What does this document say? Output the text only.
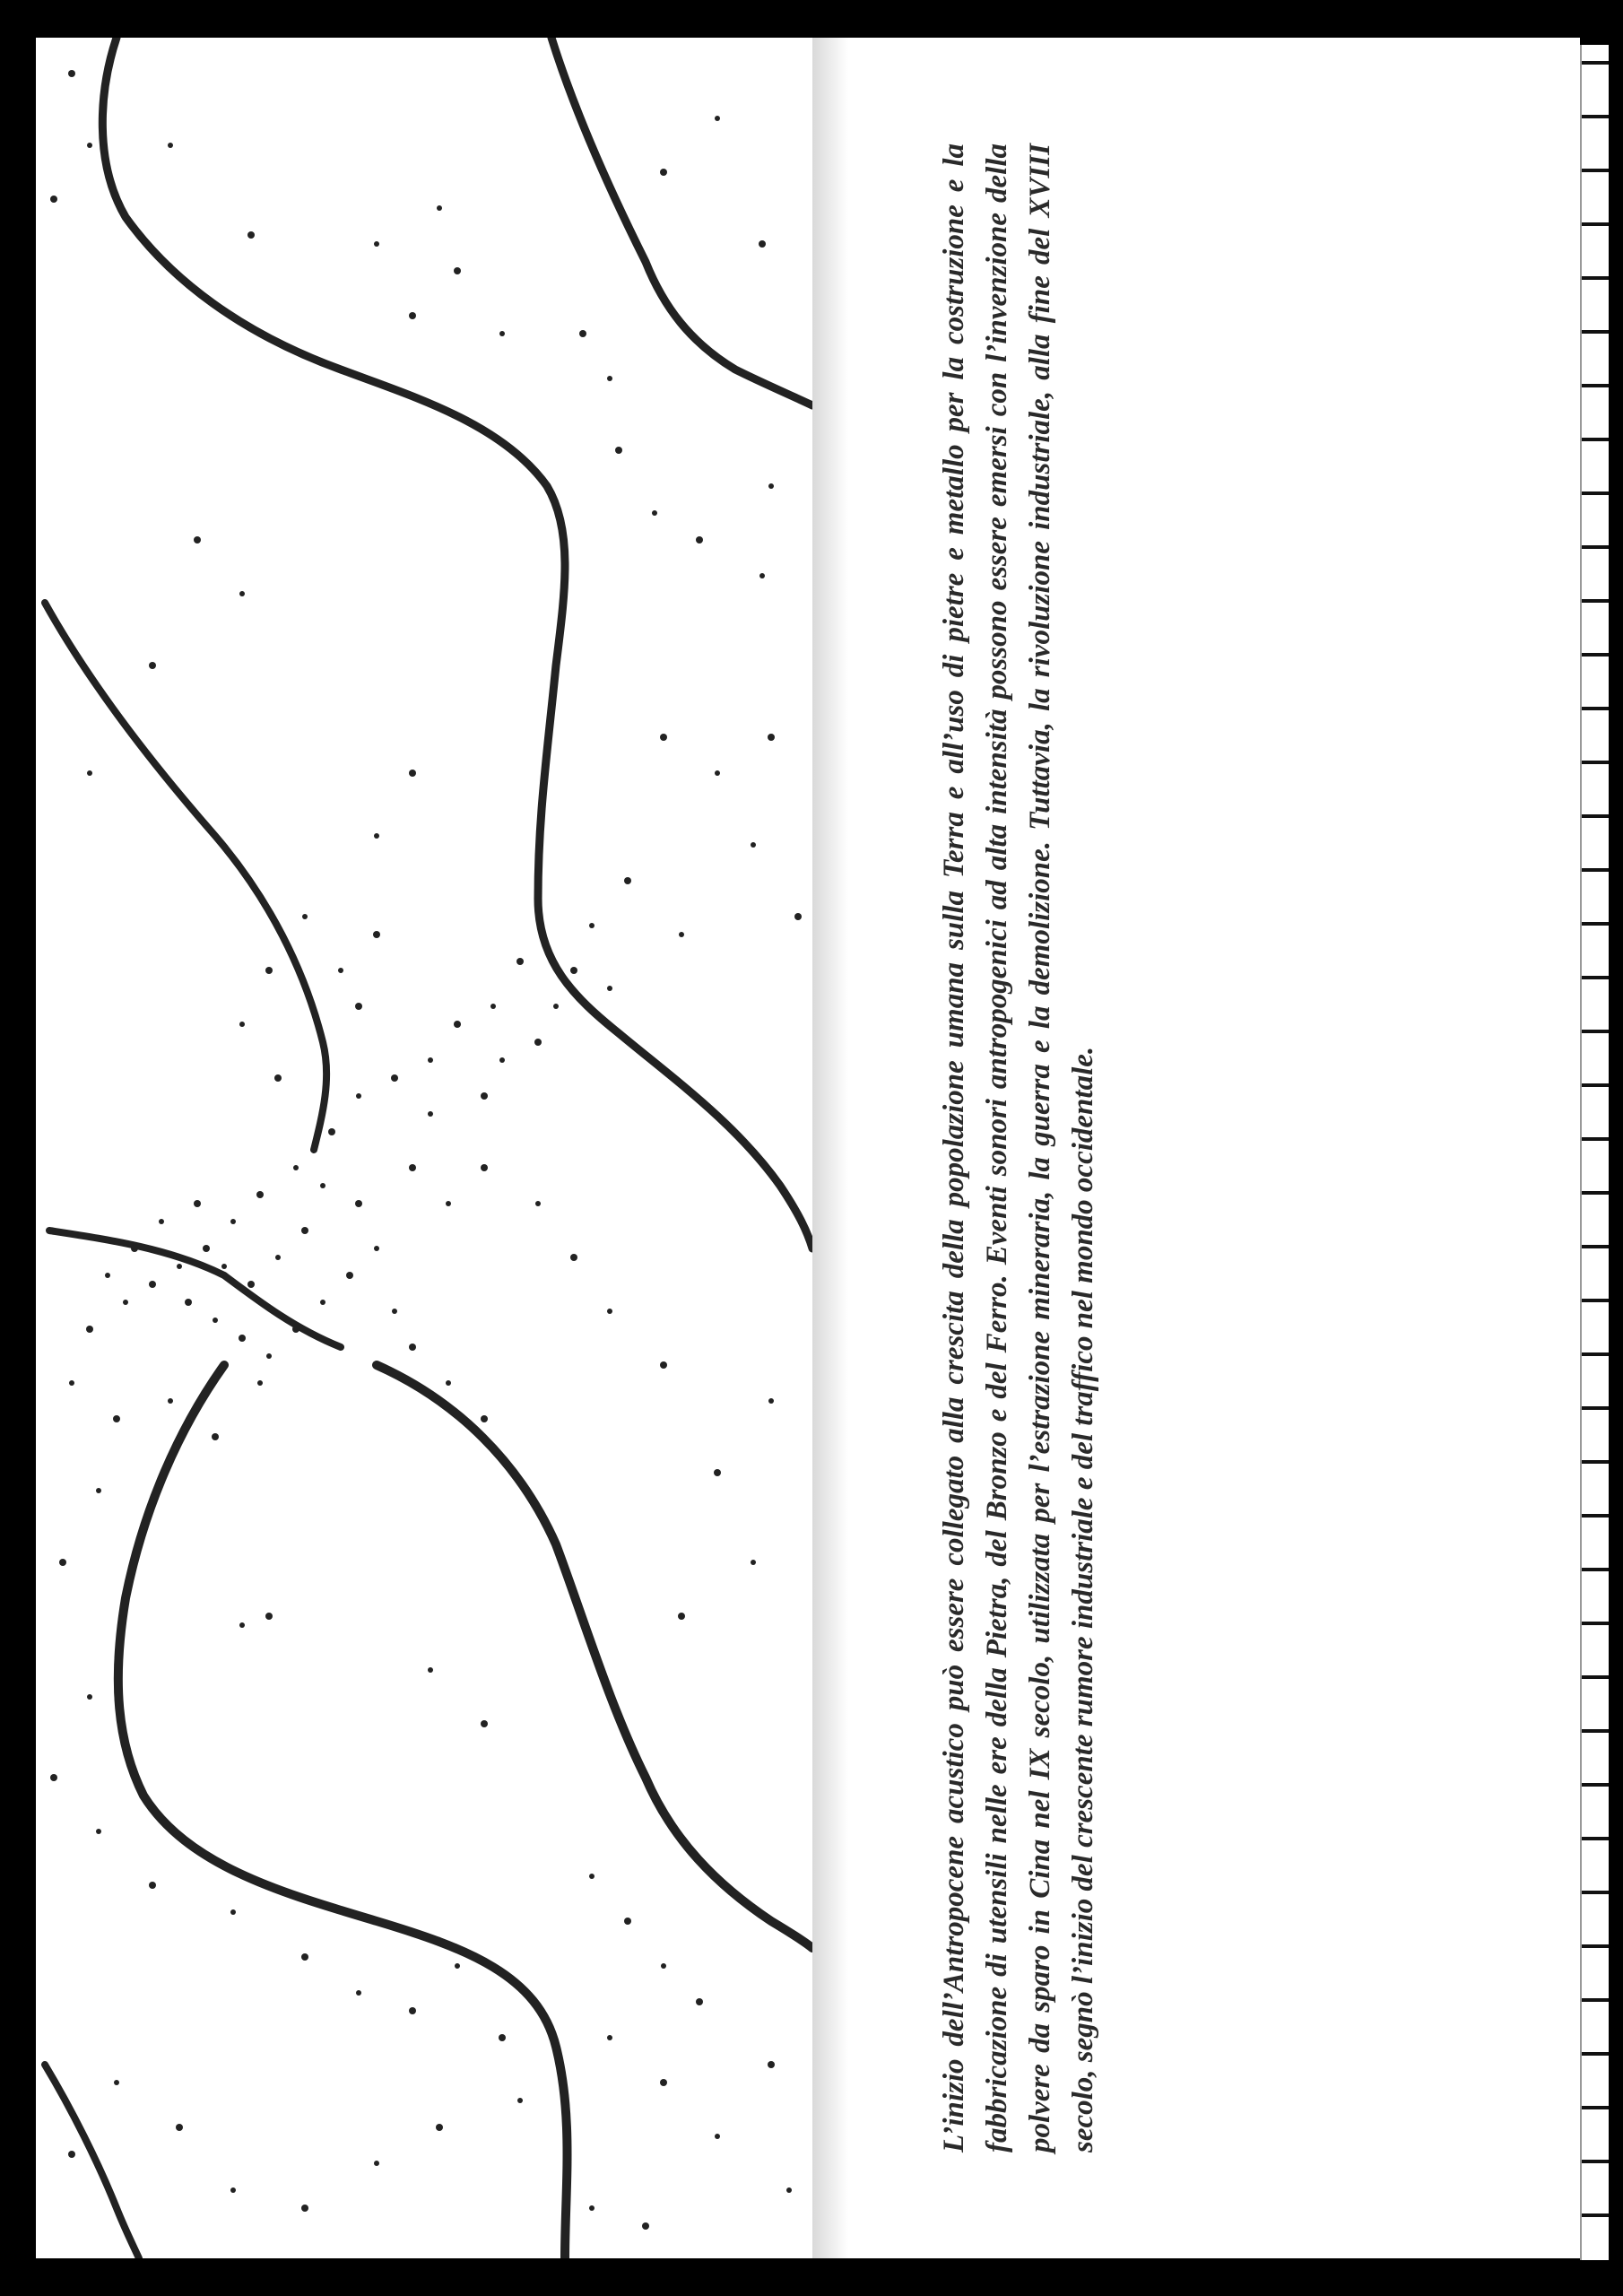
L’inizio dell’Antropocene acustico può essere collegato alla crescita della popolazione umana sulla Terra e all’uso di pietre e metallo per la costruzione e la fabbricazione di utensili nelle ere della Pietra, del Bronzo e del Ferro. Eventi sonori antropogenici ad alta intensità possono essere emersi con l’invenzione della polvere da sparo in Cina nel IX secolo, utilizzata per l’estrazione mineraria, la guerra e la demolizione. Tuttavia, la rivoluzione industriale, alla fine del XVIII secolo, segnò l’inizio del crescente rumore industriale e del traffico nel mondo occidentale.
